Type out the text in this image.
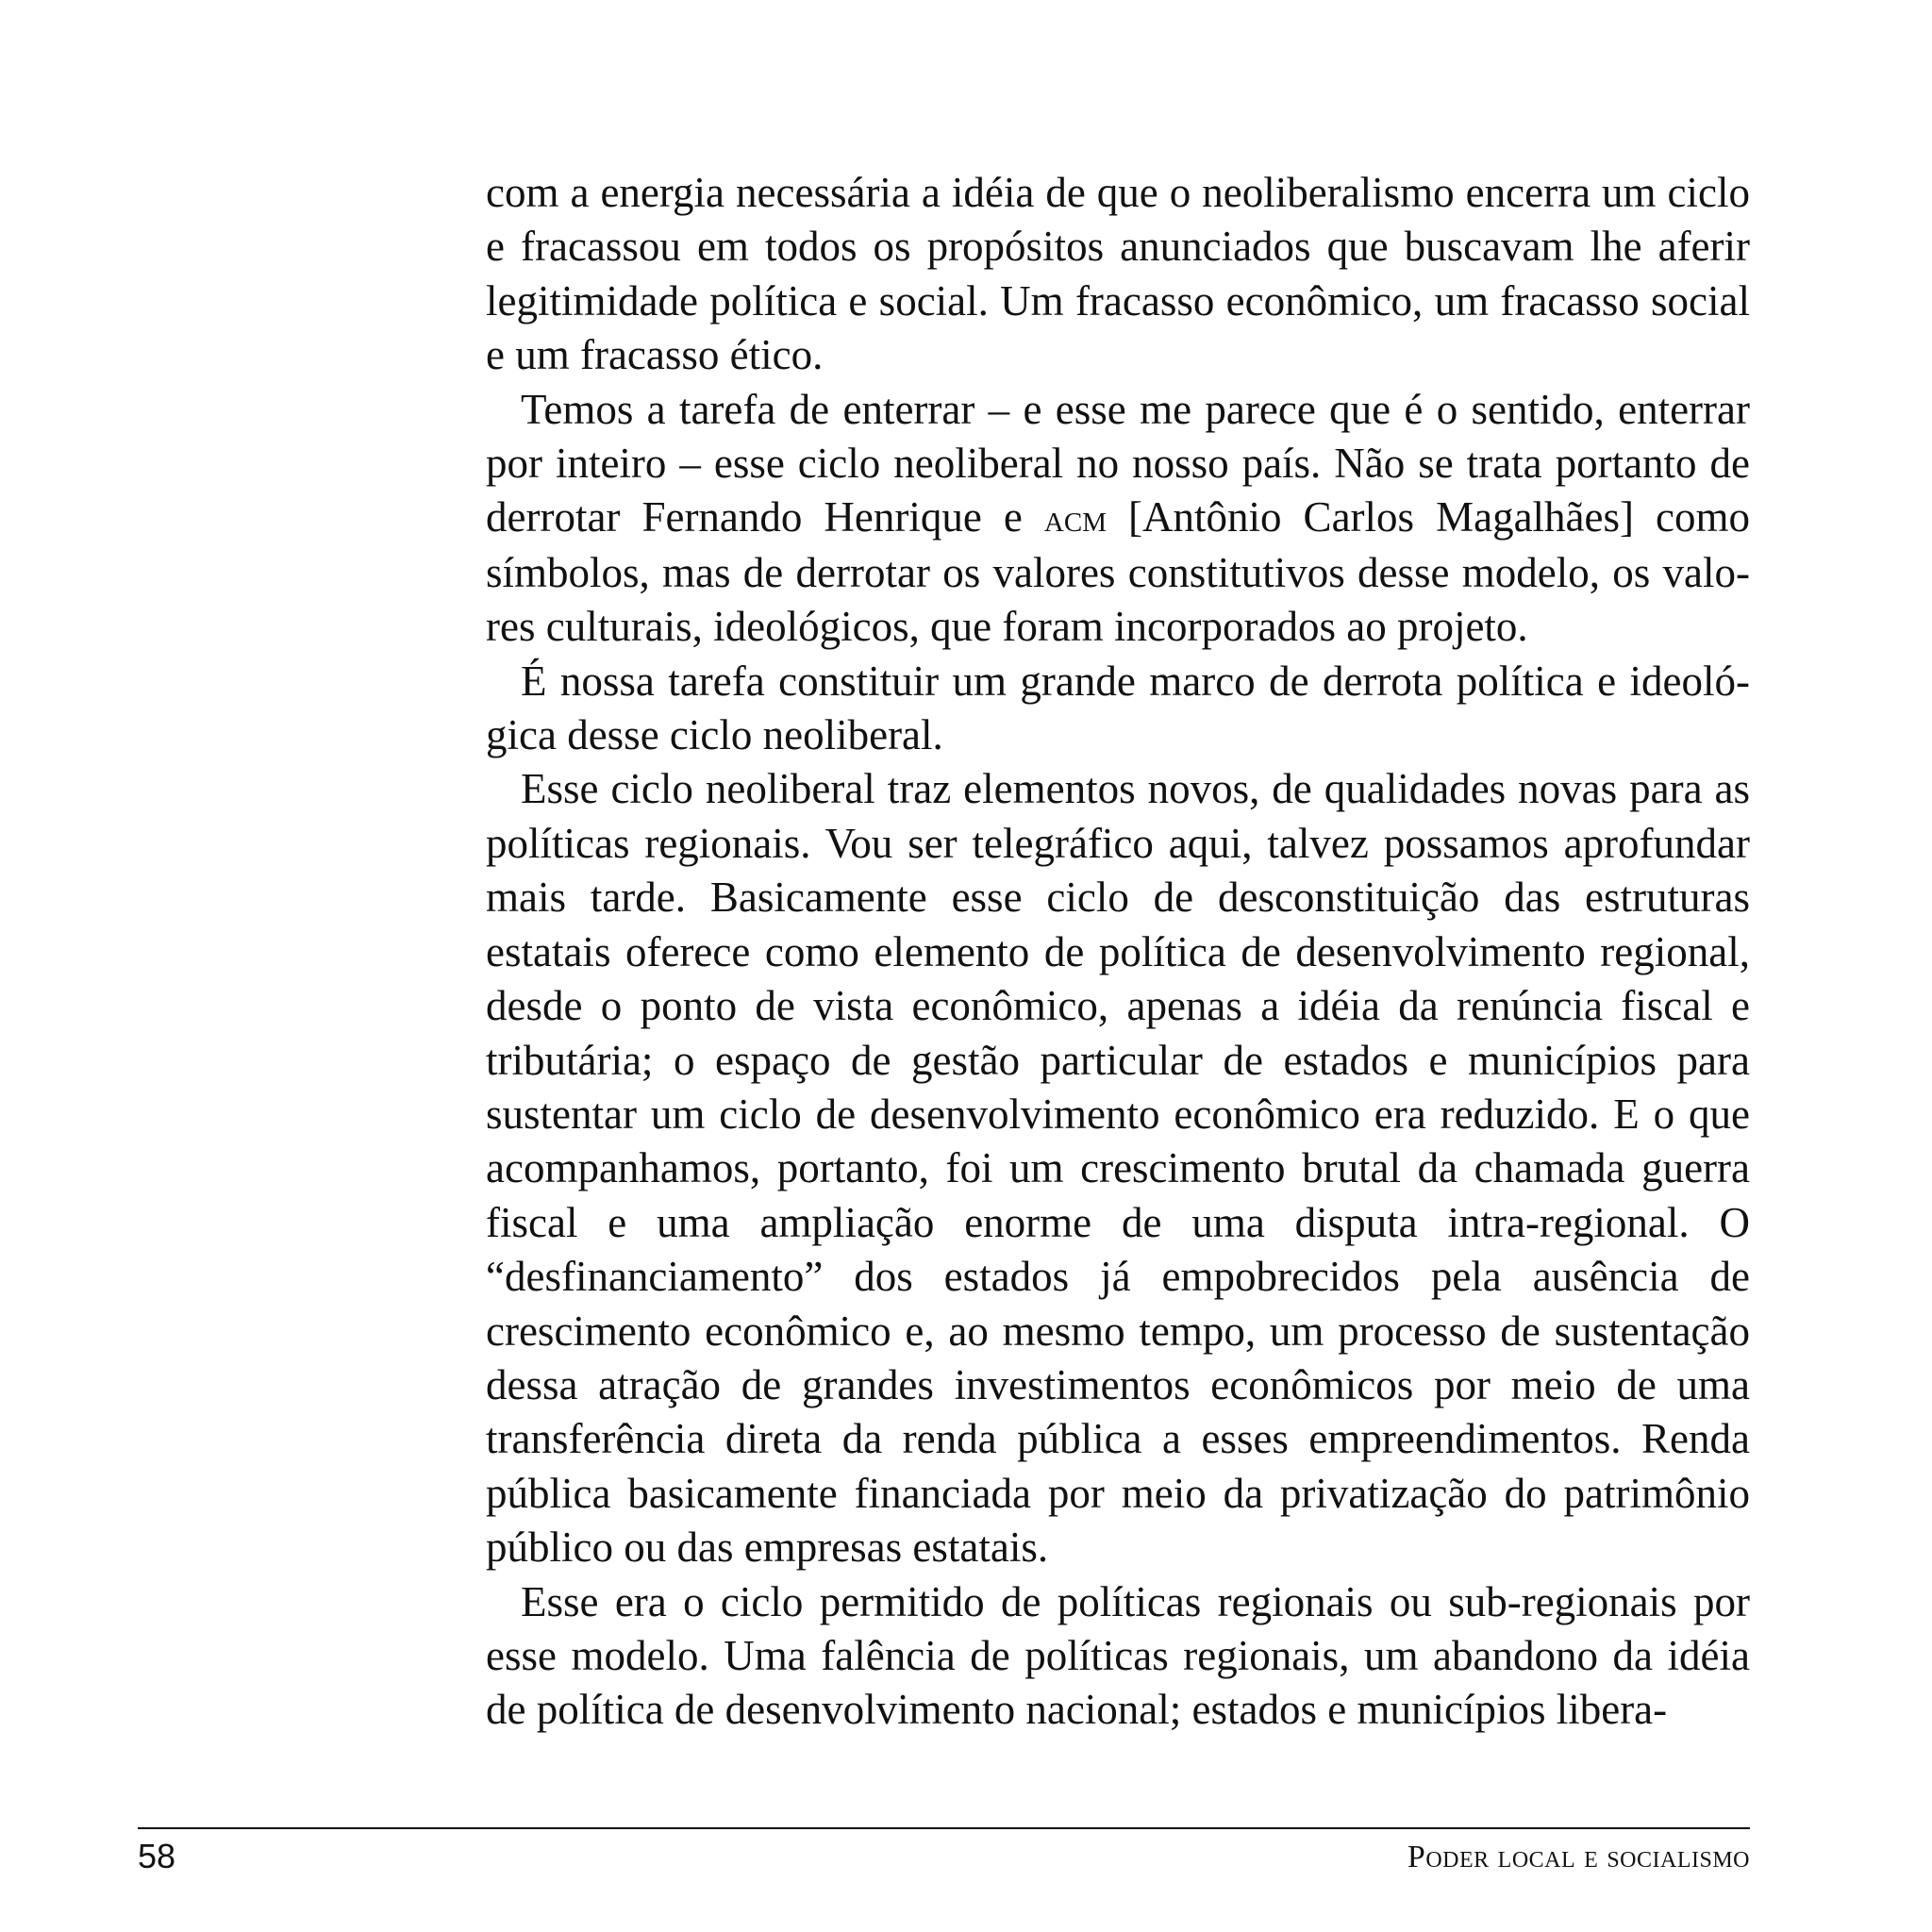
com a energia necessária a idéia de que o neoliberalismo encerra um ciclo e fracassou em todos os propósitos anunciados que buscavam lhe aferir legitimidade política e social. Um fracasso econômico, um fracasso social e um fracasso ético.

Temos a tarefa de enterrar – e esse me parece que é o sentido, enterrar por inteiro – esse ciclo neoliberal no nosso país. Não se trata portanto de derrotar Fernando Henrique e acm [Antônio Carlos Magalhães] como símbolos, mas de derrotar os valores constitutivos desse modelo, os valores culturais, ideológicos, que foram incorporados ao projeto.

É nossa tarefa constituir um grande marco de derrota política e ideológica desse ciclo neoliberal.

Esse ciclo neoliberal traz elementos novos, de qualidades novas para as políticas regionais. Vou ser telegráfico aqui, talvez possamos aprofundar mais tarde. Basicamente esse ciclo de desconstituição das estruturas estatais oferece como elemento de política de desenvolvimento regional, desde o ponto de vista econômico, apenas a idéia da renúncia fiscal e tributária; o espaço de gestão particular de estados e municípios para sustentar um ciclo de desenvolvimento econômico era reduzido. E o que acompanhamos, portanto, foi um crescimento brutal da chamada guerra fiscal e uma ampliação enorme de uma disputa intra-regional. O “desfinanciamento” dos estados já empobrecidos pela ausência de crescimento econômico e, ao mesmo tempo, um processo de sustentação dessa atração de grandes investimentos econômicos por meio de uma transferência direta da renda pública a esses empreendimentos. Renda pública basicamente financiada por meio da privatização do patrimônio público ou das empresas estatais.

Esse era o ciclo permitido de políticas regionais ou sub-regionais por esse modelo. Uma falência de políticas regionais, um abandono da idéia de política de desenvolvimento nacional; estados e municípios libera-

58	Poder local e socialismo
